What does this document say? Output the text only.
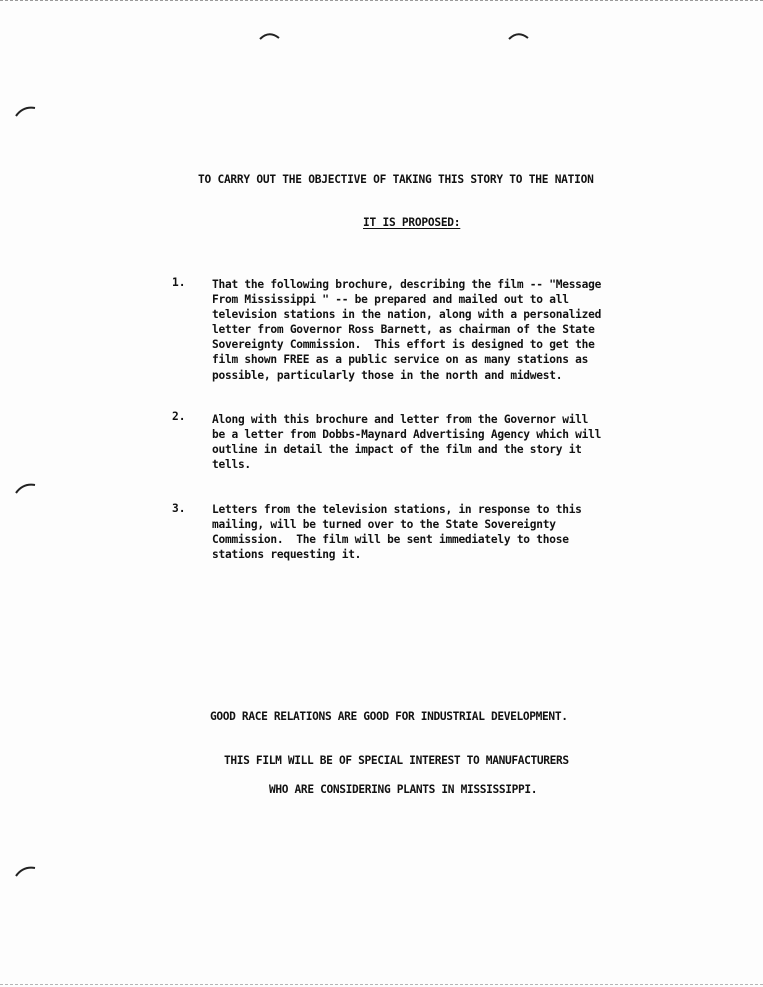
TO CARRY OUT THE OBJECTIVE OF TAKING THIS STORY TO THE NATION
IT IS PROPOSED:
1. That the following brochure, describing the film -- "Message
From Mississippi " -- be prepared and mailed out to all
television stations in the nation, along with a personalized
letter from Governor Ross Barnett, as chairman of the State
Sovereignty Commission.  This effort is designed to get the
film shown FREE as a public service on as many stations as
possible, particularly those in the north and midwest.
2. Along with this brochure and letter from the Governor will
be a letter from Dobbs-Maynard Advertising Agency which will
outline in detail the impact of the film and the story it
tells.
3. Letters from the television stations, in response to this
mailing, will be turned over to the State Sovereignty
Commission.  The film will be sent immediately to those
stations requesting it.
GOOD RACE RELATIONS ARE GOOD FOR INDUSTRIAL DEVELOPMENT.
THIS FILM WILL BE OF SPECIAL INTEREST TO MANUFACTURERS
WHO ARE CONSIDERING PLANTS IN MISSISSIPPI.
